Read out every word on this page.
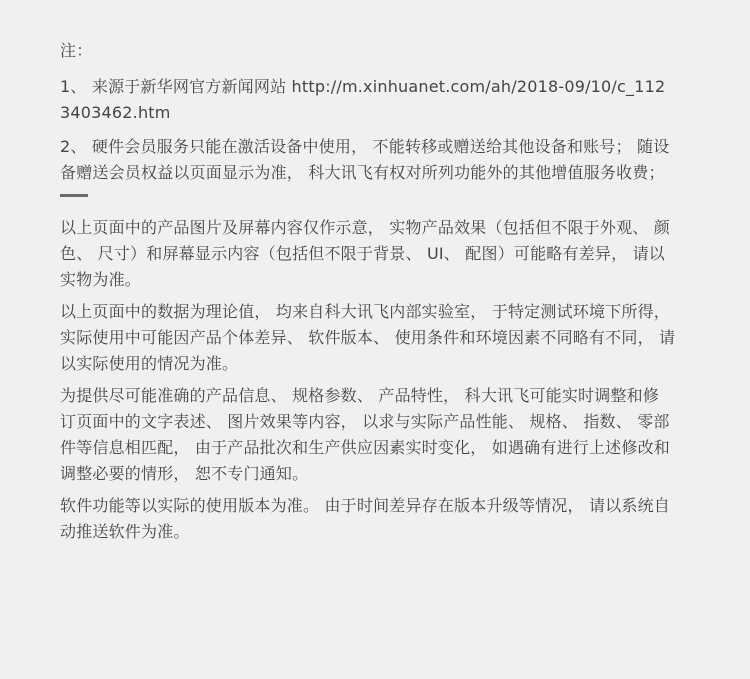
注：

1、 来源于新华网官方新闻网站 http://m.xinhuanet.com/ah/2018-09/10/c_112

3403462.htm

2、 硬件会员服务只能在激活设备中使用， 不能转移或赠送给其他设备和账号； 随设

备赠送会员权益以页面显示为准， 科大讯飞有权对所列功能外的其他增值服务收费；

以上页面中的产品图片及屏幕内容仅作示意， 实物产品效果（包括但不限于外观、 颜

色、 尺寸）和屏幕显示内容（包括但不限于背景、 UI、 配图）可能略有差异， 请以

实物为准。

以上页面中的数据为理论值， 均来自科大讯飞内部实验室， 于特定测试环境下所得，

实际使用中可能因产品个体差异、 软件版本、 使用条件和环境因素不同略有不同， 请

以实际使用的情况为准。

为提供尽可能准确的产品信息、 规格参数、 产品特性， 科大讯飞可能实时调整和修

订页面中的文字表述、 图片效果等内容， 以求与实际产品性能、 规格、 指数、 零部

件等信息相匹配， 由于产品批次和生产供应因素实时变化， 如遇确有进行上述修改和

调整必要的情形， 恕不专门通知。

软件功能等以实际的使用版本为准。 由于时间差异存在版本升级等情况， 请以系统自

动推送软件为准。
